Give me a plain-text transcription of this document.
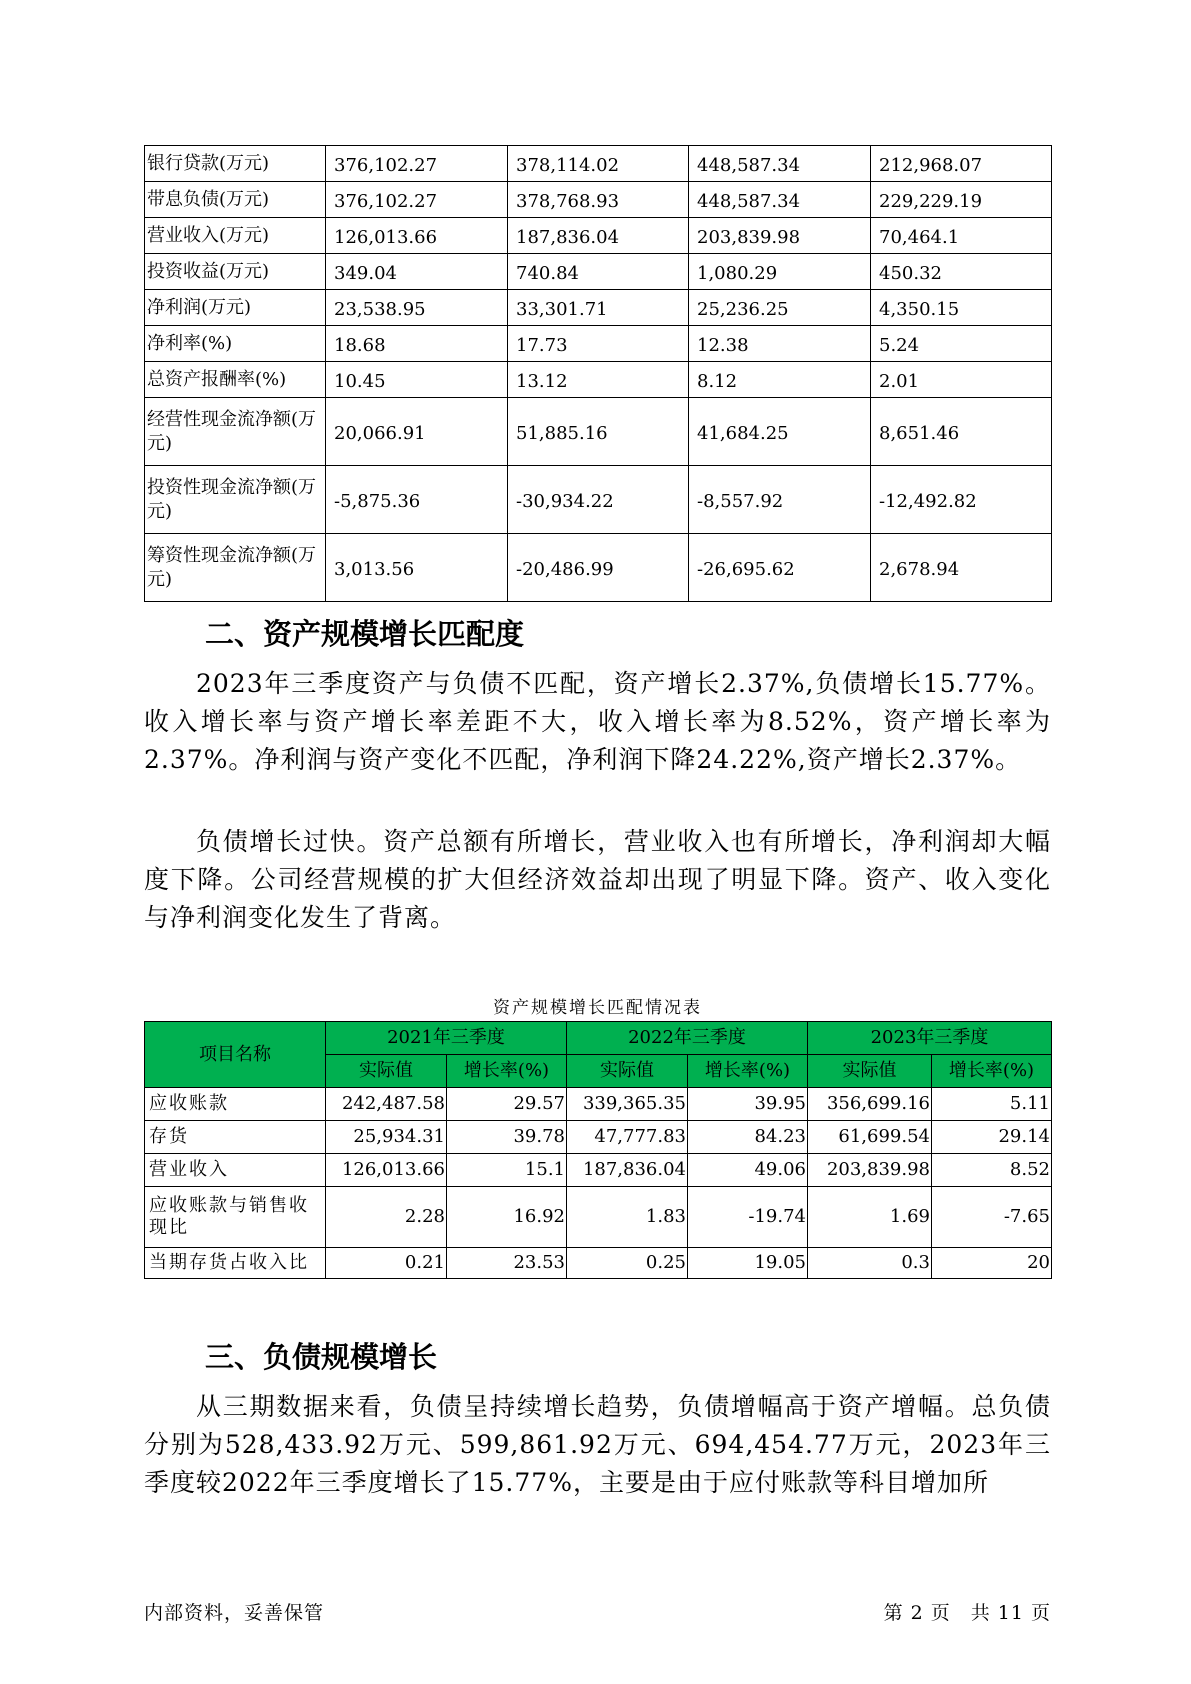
银行贷款(万元)	376,102.27	378,114.02	448,587.34	212,968.07
带息负债(万元)	376,102.27	378,768.93	448,587.34	229,229.19
营业收入(万元)	126,013.66	187,836.04	203,839.98	70,464.1
投资收益(万元)	349.04	740.84	1,080.29	450.32
净利润(万元)	23,538.95	33,301.71	25,236.25	4,350.15
净利率(%)	18.68	17.73	12.38	5.24
总资产报酬率(%)	10.45	13.12	8.12	2.01
经营性现金流净额(万元)	20,066.91	51,885.16	41,684.25	8,651.46
投资性现金流净额(万元)	-5,875.36	-30,934.22	-8,557.92	-12,492.82
筹资性现金流净额(万元)	3,013.56	-20,486.99	-26,695.62	2,678.94
二、资产规模增长匹配度

2023年三季度资产与负债不匹配，资产增长2.37%,负债增长15.77%。收入增长率与资产增长率差距不大，收入增长率为8.52%，资产增长率为2.37%。净利润与资产变化不匹配，净利润下降24.22%,资产增长2.37%。

负债增长过快。资产总额有所增长，营业收入也有所增长，净利润却大幅度下降。公司经营规模的扩大但经济效益却出现了明显下降。资产、收入变化与净利润变化发生了背离。

资产规模增长匹配情况表
项目名称	2021年三季度		2022年三季度		2023年三季度	
	实际值	增长率(%)	实际值	增长率(%)	实际值	增长率(%)
应收账款	242,487.58	29.57	339,365.35	39.95	356,699.16	5.11
存货	25,934.31	39.78	47,777.83	84.23	61,699.54	29.14
营业收入	126,013.66	15.1	187,836.04	49.06	203,839.98	8.52
应收账款与销售收现比	2.28	16.92	1.83	-19.74	1.69	-7.65
当期存货占收入比	0.21	23.53	0.25	19.05	0.3	20
三、负债规模增长

从三期数据来看，负债呈持续增长趋势，负债增幅高于资产增幅。总负债分别为528,433.92万元、599,861.92万元、694,454.77万元，2023年三季度较2022年三季度增长了15.77%，主要是由于应付账款等科目增加所

内部资料，妥善保管	第 2 页　共 11 页
